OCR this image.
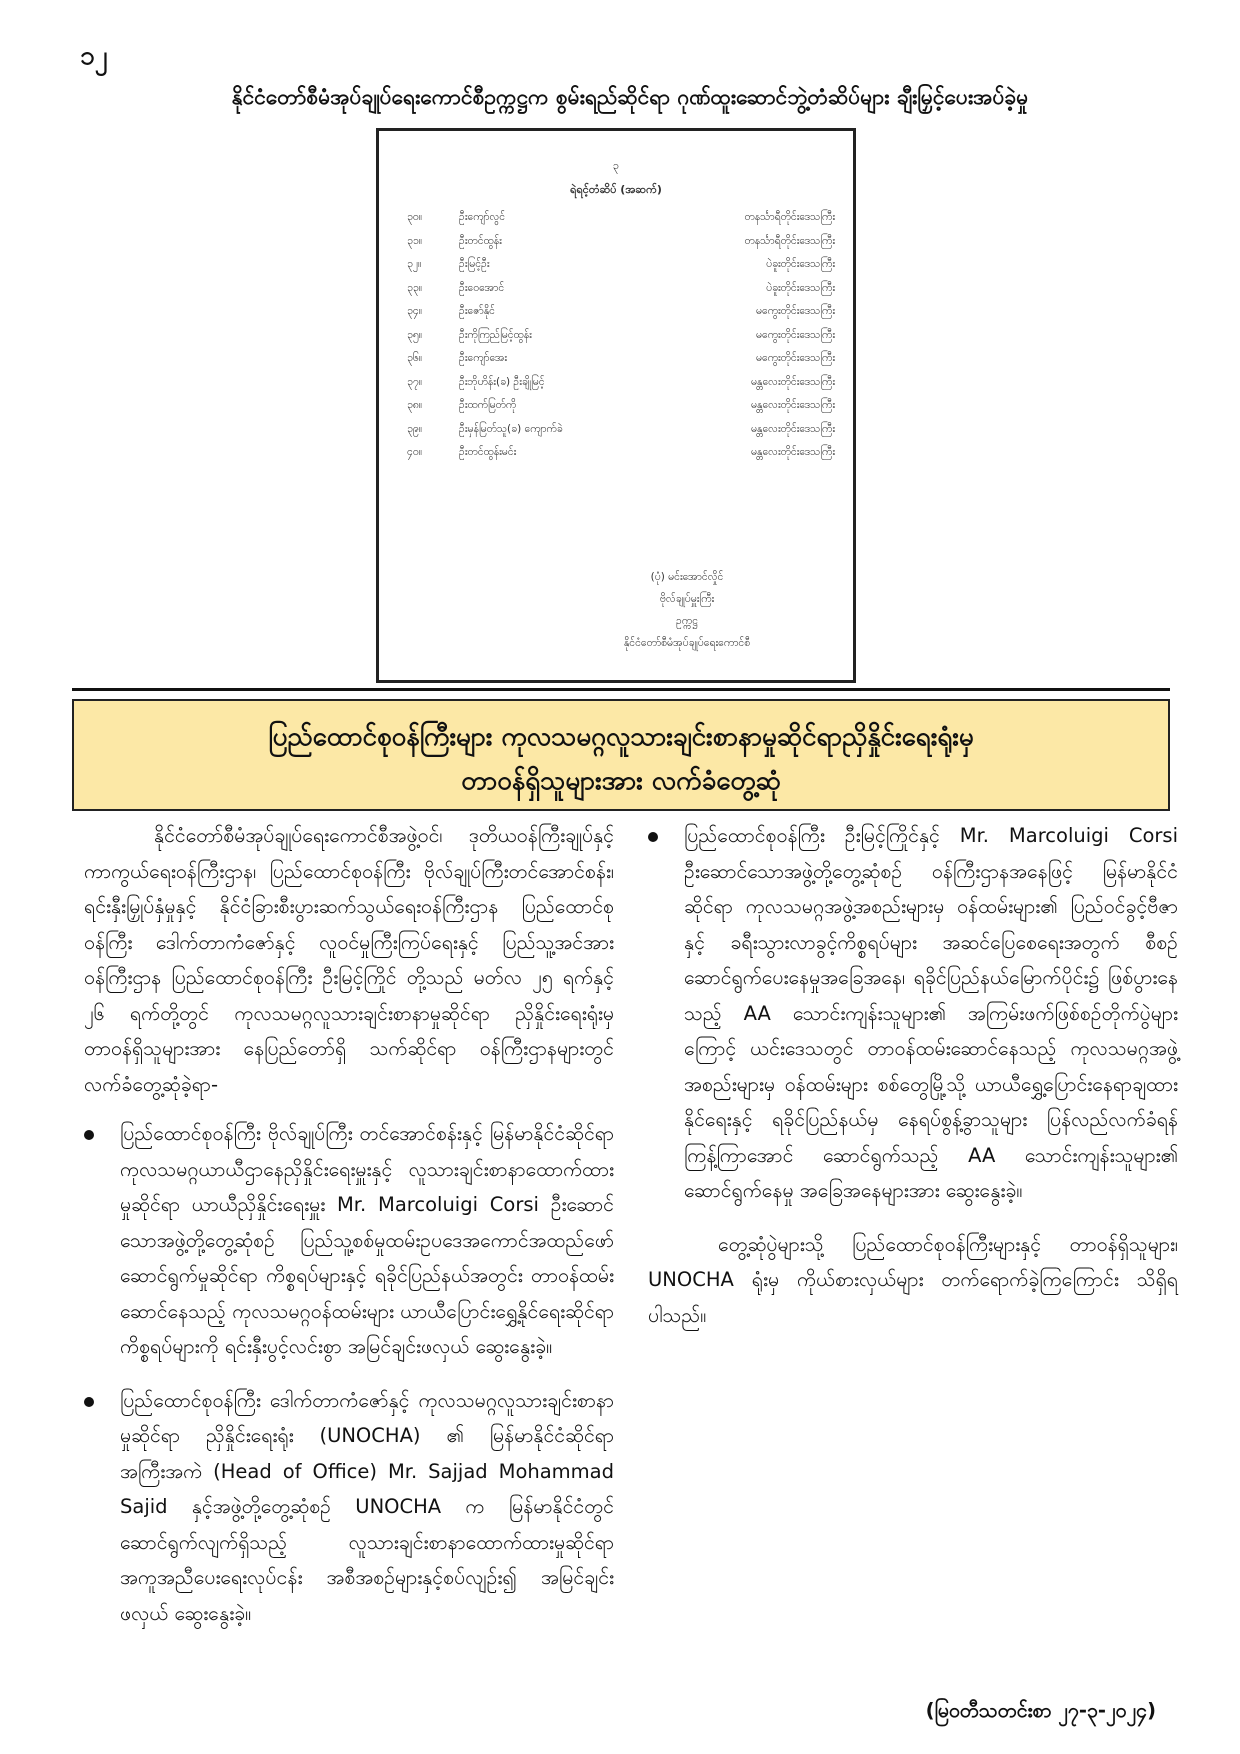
၁၂
နိုင်ငံတော်စီမံအုပ်ချုပ်ရေးကောင်စီဥက္ကဋ္ဌက စွမ်းရည်ဆိုင်ရာ ဂုဏ်ထူးဆောင်ဘွဲ့တံဆိပ်များ ချီးမြှင့်ပေးအပ်ခဲ့မှု
၃
ရဲရင့်တံဆိပ် (အဆက်)
၃၀။	ဦးကျော်လွင်	တနင်္သာရီတိုင်းဒေသကြီး
၃၁။	ဦးတင်ထွန်း	တနင်္သာရီတိုင်းဒေသကြီး
၃၂။	ဦးမြင့်ဦး	ပဲခူးတိုင်းဒေသကြီး
၃၃။	ဦးဝေအောင်	ပဲခူးတိုင်းဒေသကြီး
၃၄။	ဦးဇော်နိုင်	မကွေးတိုင်းဒေသကြီး
၃၅။	ဦးကိုကြည်မြင့်ထွန်း	မကွေးတိုင်းဒေသကြီး
၃၆။	ဦးကျော်အေး	မကွေးတိုင်းဒေသကြီး
၃၇။	ဦးဘိုဟိန်း(ခ) ဦးချိုမြင့်	မန္တလေးတိုင်းဒေသကြီး
၃၈။	ဦးထက်မြတ်ကို	မန္တလေးတိုင်းဒေသကြီး
၃၉။	ဦးမှန်မြတ်သူ(ခ) ကျောက်ခဲ	မန္တလေးတိုင်းဒေသကြီး
၄၀။	ဦးတင်ထွန်းမင်း	မန္တလေးတိုင်းဒေသကြီး
(ပုံ) မင်းအောင်လှိုင်
ဗိုလ်ချုပ်မှူးကြီး
ဥက္ကဋ္ဌ
နိုင်ငံတော်စီမံအုပ်ချုပ်ရေးကောင်စီ
ပြည်ထောင်စုဝန်ကြီးများ ကုလသမဂ္ဂလူသားချင်းစာနာမှုဆိုင်ရာညှိနှိုင်းရေးရုံးမှ
တာဝန်ရှိသူများအား လက်ခံတွေ့ဆုံ

နိုင်ငံတော်စီမံအုပ်ချုပ်ရေးကောင်စီအဖွဲ့ဝင်၊ ဒုတိယဝန်ကြီးချုပ်နှင့် ကာကွယ်ရေးဝန်ကြီးဌာန၊ ပြည်ထောင်စုဝန်ကြီး ဗိုလ်ချုပ်ကြီးတင်အောင်စန်း၊ ရင်းနှီးမြှုပ်နှံမှုနှင့် နိုင်ငံခြားစီးပွားဆက်သွယ်ရေးဝန်ကြီးဌာန ပြည်ထောင်စုဝန်ကြီး ဒေါက်တာကံဇော်နှင့် လူဝင်မှုကြီးကြပ်ရေးနှင့် ပြည်သူ့အင်အားဝန်ကြီးဌာန ပြည်ထောင်စုဝန်ကြီး ဦးမြင့်ကြိုင် တို့သည် မတ်လ ၂၅ ရက်နှင့် ၂၆ ရက်တို့တွင် ကုလသမဂ္ဂလူသားချင်းစာနာမှုဆိုင်ရာ ညှိနှိုင်းရေးရုံးမှ တာဝန်ရှိသူများအား နေပြည်တော်ရှိ သက်ဆိုင်ရာ ဝန်ကြီးဌာနများတွင် လက်ခံတွေ့ဆုံခဲ့ရာ-

ပြည်ထောင်စုဝန်ကြီး ဗိုလ်ချုပ်ကြီး တင်အောင်စန်းနှင့် မြန်မာနိုင်ငံဆိုင်ရာ ကုလသမဂ္ဂယာယီဌာနေညှိနှိုင်းရေးမှူးနှင့် လူသားချင်းစာနာထောက်ထားမှုဆိုင်ရာ ယာယီညှိနှိုင်းရေးမှူး Mr. Marcoluigi Corsi ဦးဆောင်သောအဖွဲ့တို့တွေ့ဆုံစဉ် ပြည်သူ့စစ်မှုထမ်းဥပဒေအကောင်အထည်ဖော်ဆောင်ရွက်မှုဆိုင်ရာ ကိစ္စရပ်များနှင့် ရခိုင်ပြည်နယ်အတွင်း တာဝန်ထမ်းဆောင်နေသည့် ကုလသမဂ္ဂဝန်ထမ်းများ ယာယီပြောင်းရွှေ့နိုင်ရေးဆိုင်ရာကိစ္စရပ်များကို ရင်းနှီးပွင့်လင်းစွာ အမြင်ချင်းဖလှယ် ဆွေးနွေးခဲ့။
ပြည်ထောင်စုဝန်ကြီး ဒေါက်တာကံဇော်နှင့် ကုလသမဂ္ဂလူသားချင်းစာနာမှုဆိုင်ရာ ညှိနှိုင်းရေးရုံး (UNOCHA) ၏ မြန်မာနိုင်ငံဆိုင်ရာအကြီးအကဲ (Head of Office) Mr. Sajjad Mohammad Sajid နှင့်အဖွဲ့တို့တွေ့ဆုံစဉ် UNOCHA က မြန်မာနိုင်ငံတွင် ဆောင်ရွက်လျက်ရှိသည့် လူသားချင်းစာနာထောက်ထားမှုဆိုင်ရာ အကူအညီပေးရေးလုပ်ငန်း အစီအစဉ်များနှင့်စပ်လျဉ်း၍ အမြင်ချင်းဖလှယ် ဆွေးနွေးခဲ့။
ပြည်ထောင်စုဝန်ကြီး ဦးမြင့်ကြိုင်နှင့် Mr. Marcoluigi Corsi ဦးဆောင်သောအဖွဲ့တို့တွေ့ဆုံစဉ် ဝန်ကြီးဌာနအနေဖြင့် မြန်မာနိုင်ငံဆိုင်ရာ ကုလသမဂ္ဂအဖွဲ့အစည်းများမှ ဝန်ထမ်းများ၏ ပြည်ဝင်ခွင့်ဗီဇာနှင့် ခရီးသွားလာခွင့်ကိစ္စရပ်များ အဆင်ပြေစေရေးအတွက် စီစဉ်ဆောင်ရွက်ပေးနေမှုအခြေအနေ၊ ရခိုင်ပြည်နယ်မြောက်ပိုင်း၌ ဖြစ်ပွားနေသည့် AA သောင်းကျန်းသူများ၏ အကြမ်းဖက်ဖြစ်စဉ်တိုက်ပွဲများကြောင့် ယင်းဒေသတွင် တာဝန်ထမ်းဆောင်နေသည့် ကုလသမဂ္ဂအဖွဲ့အစည်းများမှ ဝန်ထမ်းများ စစ်တွေမြို့သို့ ယာယီရွှေ့ပြောင်းနေရာချထားနိုင်ရေးနှင့် ရခိုင်ပြည်နယ်မှ နေရပ်စွန့်ခွာသူများ ပြန်လည်လက်ခံရန် ကြန့်ကြာအောင် ဆောင်ရွက်သည့် AA သောင်းကျန်းသူများ၏ ဆောင်ရွက်နေမှု အခြေအနေများအား ဆွေးနွေးခဲ့။

တွေ့ဆုံပွဲများသို့ ပြည်ထောင်စုဝန်ကြီးများနှင့် တာဝန်ရှိသူများ၊ UNOCHA ရုံးမှ ကိုယ်စားလှယ်များ တက်ရောက်ခဲ့ကြကြောင်း သိရှိရပါသည်။

(မြဝတီသတင်းစာ ၂၇-၃-၂၀၂၄)
